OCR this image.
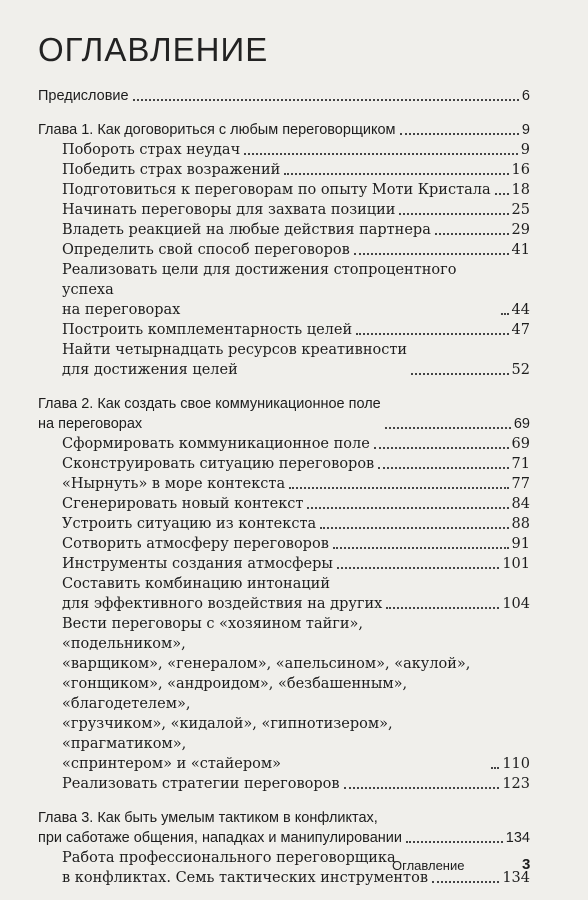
ОГЛАВЛЕНИЕ
Предисловие	6
Глава 1. Как договориться с любым переговорщиком	9
Побороть страх неудач	9
Победить страх возражений	16
Подготовиться к переговорам по опыту Моти Кристала 18
Начинать переговоры для захвата позиции	25
Владеть реакцией на любые действия партнера	29
Определить свой способ переговоров	41
Реализовать цели для достижения стопроцентного успеха
на переговорах	44
Построить комплементарность целей	47
Найти четырнадцать ресурсов креативности
для достижения целей	52
Глава 2. Как создать свое коммуникационное поле
на переговорах	69
Сформировать коммуникационное поле	69
Сконструировать ситуацию переговоров	71
«Нырнуть» в море контекста	77
Сгенерировать новый контекст	84
Устроить ситуацию из контекста	88
Сотворить атмосферу переговоров	91
Инструменты создания атмосферы	101
Составить комбинацию интонаций
для эффективного воздействия на других	104
Вести переговоры с «хозяином тайги», «подельником»,
«варщиком», «генералом», «апельсином», «акулой»,
«гонщиком», «андроидом», «безбашенным», «благодетелем»,
«грузчиком», «кидалой», «гипнотизером», «прагматиком»,
«спринтером» и «стайером»	110
Реализовать стратегии переговоров	123
Глава 3. Как быть умелым тактиком в конфликтах,
при саботаже общения, нападках и манипулировании	134
Работа профессионального переговорщика
в конфликтах. Семь тактических инструментов	134
Оглавление	3
